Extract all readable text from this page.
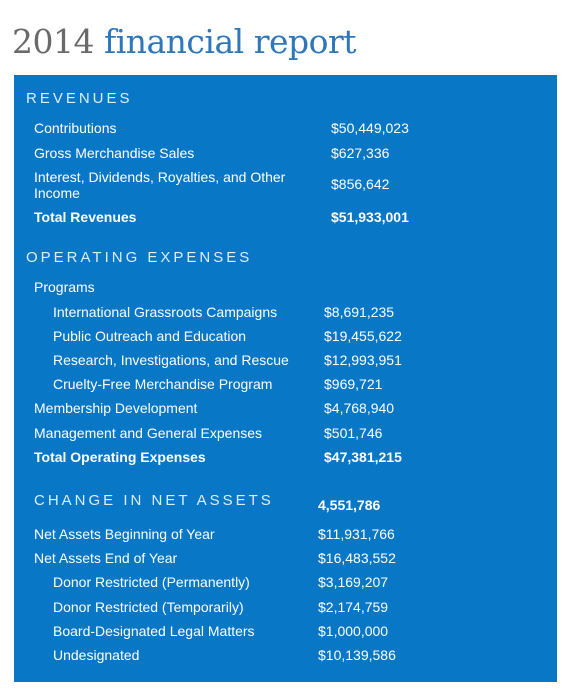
2014 financial report
REVENUES
Contributions	$50,449,023
Gross Merchandise Sales	$627,336
Interest, Dividends, Royalties, and Other Income
$856,642
Total Revenues	$51,933,001
OPERATING EXPENSES
Programs
International Grassroots Campaigns	$8,691,235
Public Outreach and Education	$19,455,622
Research, Investigations, and Rescue	$12,993,951
Cruelty-Free Merchandise Program	$969,721
Membership Development	$4,768,940
Management and General Expenses	$501,746
Total Operating Expenses	$47,381,215
CHANGE IN NET ASSETS	4,551,786
Net Assets Beginning of Year	$11,931,766
Net Assets End of Year	$16,483,552
Donor Restricted (Permanently)	$3,169,207
Donor Restricted (Temporarily)	$2,174,759
Board-Designated Legal Matters	$1,000,000
Undesignated	$10,139,586
